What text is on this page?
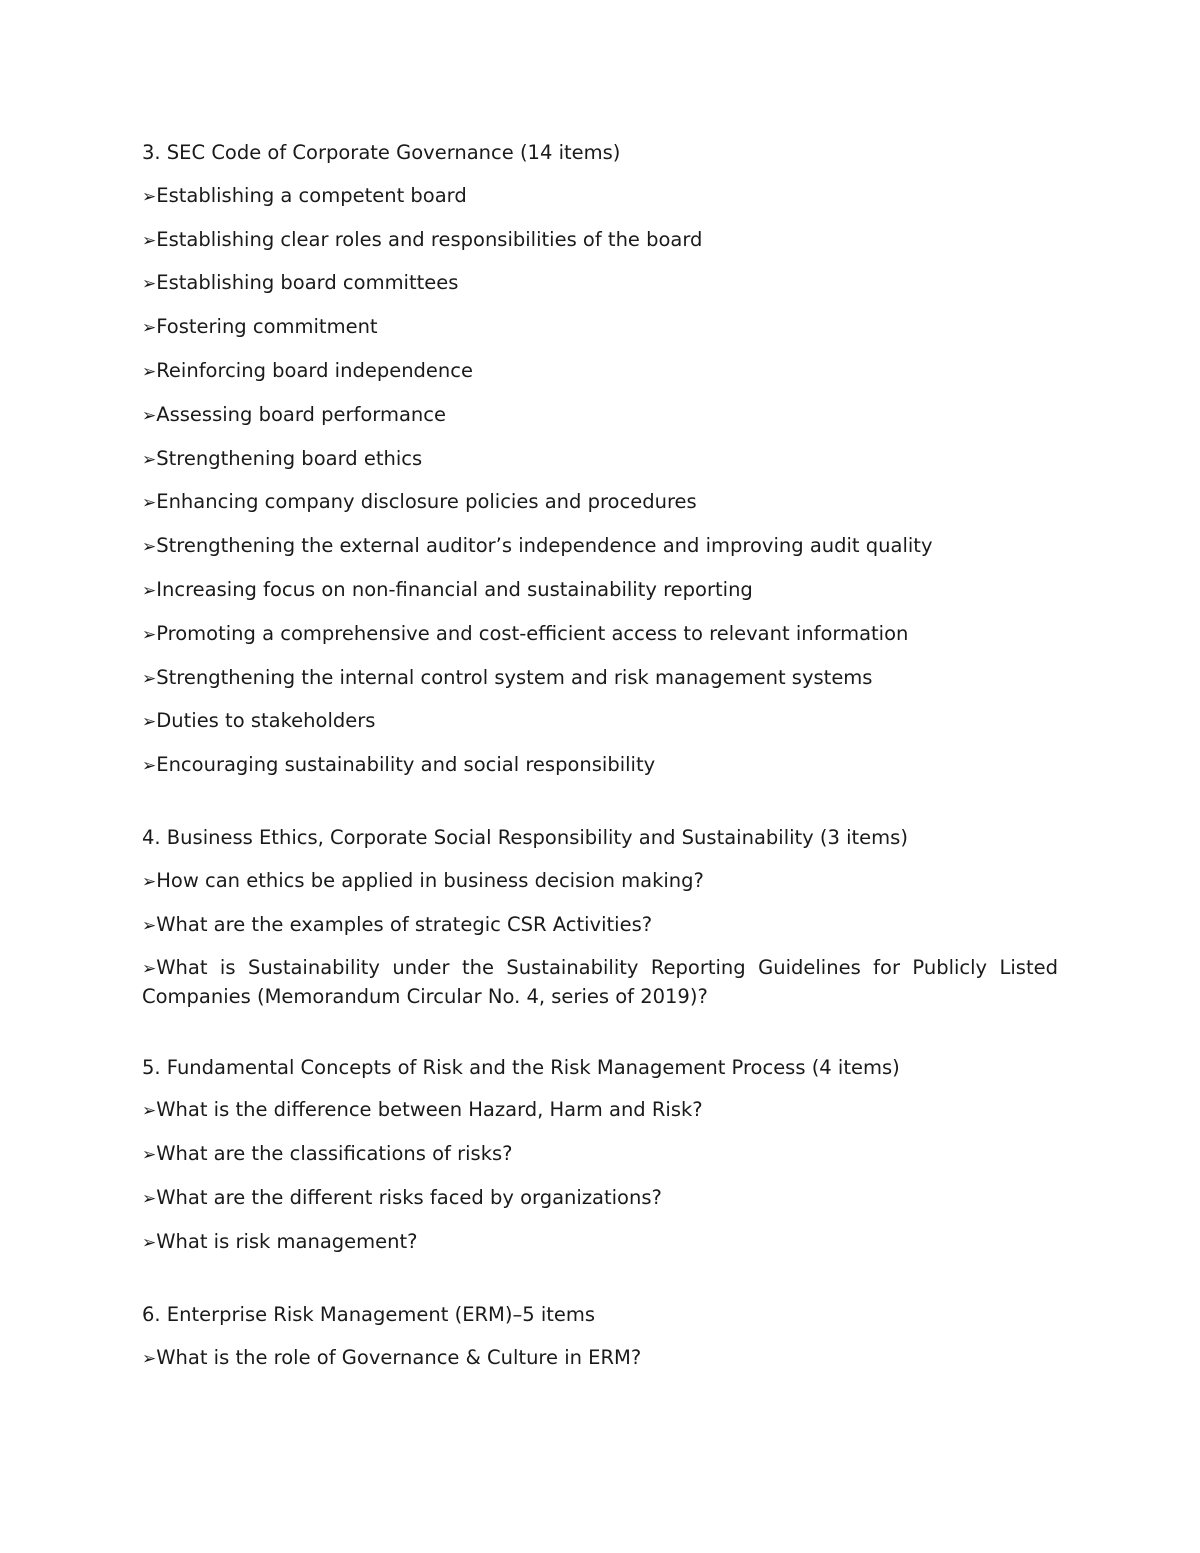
3. SEC Code of Corporate Governance (14 items)

➢Establishing a competent board

➢Establishing clear roles and responsibilities of the board

➢Establishing board committees

➢Fostering commitment

➢Reinforcing board independence

➢Assessing board performance

➢Strengthening board ethics

➢Enhancing company disclosure policies and procedures

➢Strengthening the external auditor’s independence and improving audit quality

➢Increasing focus on non-financial and sustainability reporting

➢Promoting a comprehensive and cost-efficient access to relevant information

➢Strengthening the internal control system and risk management systems

➢Duties to stakeholders

➢Encouraging sustainability and social responsibility

4. Business Ethics, Corporate Social Responsibility and Sustainability (3 items)

➢How can ethics be applied in business decision making?

➢What are the examples of strategic CSR Activities?

➢What is Sustainability under the Sustainability Reporting Guidelines for Publicly Listed Companies (Memorandum Circular No. 4, series of 2019)?

5. Fundamental Concepts of Risk and the Risk Management Process (4 items)

➢What is the difference between Hazard, Harm and Risk?

➢What are the classifications of risks?

➢What are the different risks faced by organizations?

➢What is risk management?

6. Enterprise Risk Management (ERM)–5 items

➢What is the role of Governance & Culture in ERM?
